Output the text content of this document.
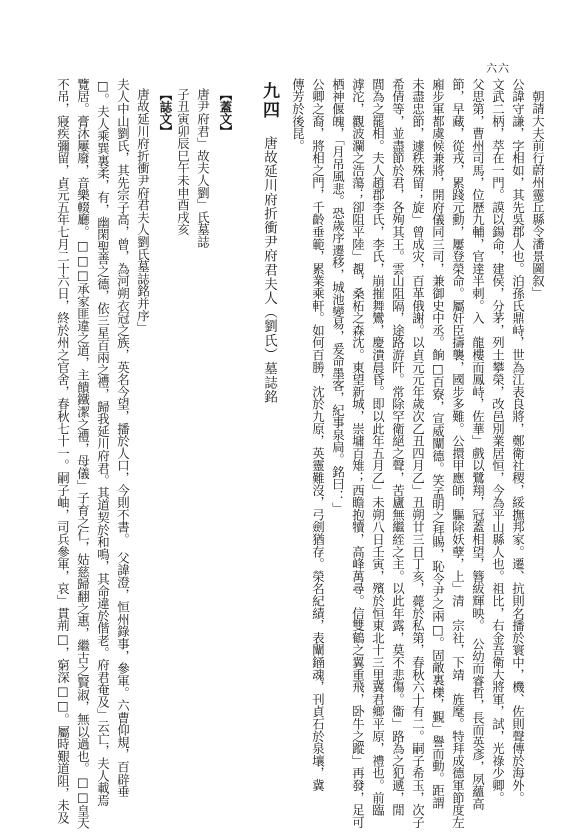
六六
朝請大夫前行蔚州靈丘縣令潘景圖叙」
公諱守謙，字相如，其先吳郡人也。泊孫氏鼎峙，世為江表良將，鄭衛社稷，綏撫邦家。遷、抗則名播於寰中，機、佐則聲傳於海外。
文武二柄，萃在一門。謨以鍚命，建侯，分茅，列土攀榮，改邑別業居恒，今為平山縣人也。祖比，右金吾衛大將軍，試，光祿少卿。
父思第，曹州司馬，位歷九輔，官達半刺。入　龍樓而鳳峙，佐華」戲以鷺翔，冠蓋相望，簪紱輝映。　公幼而睿哲，長而英彥，夙蘊高
節，早藏，從戎，累踐元勳，屢登榮命。屬奸臣擣襲，國步多難。公擐甲應師，驅除妖孽，上」清　宗社，下靖　旌麾。特拜成德軍節度左
廂步軍都虞候兼將，開府儀同三司，兼御史中丞。餉□百寮，宣威闡德。笑孟明之拜賜，恥令尹之兩□。固敵裏櫟，覲」譽而動。距謂
未盡忠節，遽秩殊留；旋」曾成灾，百革俄謝。以貞元元年歲次乙丑四月乙」丑朔廿三日丁亥，薨於私第，春秋六十有二。嗣子希玉，次子
希倩等，並盡節於君，各殉其王。雲山阻隔，途路游阡。常除罕衛絕之聲，苦廬無繼絰之主。以此年露，莫不悲傷。衞」路為之犯遞，閒
閭為之罷相。夫人趙郡李氏，李氏，崩摧舞鸞，慶潰晨昏。即以此年五月乙」未朔八日壬寅，殯於恒東北十三里冀君鄉平原，禮也。前臨
滹沱，觀波瀾之浩蕩；卻阻平陸」覩，桑柘之森沈。東望新城，崇墉百雉；西瞻抱犢，高峰萬尋。信雙鶴之翼重飛，卧牛之蹤」再發，足可
栖神偃魄，「月吊風悲。恐歲序遷移，城池變易，爰命墨客，紀事泉扃。銘曰：」
公卿之裔，將相之門，千齡垂範，累業乘軒。如何百勝，沈於九原，英靈難沒，弓劍猶存。榮名紀績，表闡䥁魂，刊貞石於泉壤，冀
傳芳於後昆。
九四唐故延川府折衝尹府君夫人（劉氏）墓誌銘
【蓋文】
唐尹府君」故夫人劉」氏墓誌
子丑寅卯辰巳午未申酉戌亥
【誌文】
唐故延川府折衝尹府君夫人劉氏墓誌銘并序」
夫人中山劉氏，其先宗子高，曾，為河朔衣冠之族，英名今望，播於人口，今則不書。　父諱澄，恒州錄事，參軍。六曹仰規，百辟垂
□。夫人乘巽裏柔，有，幽閑聖善之德，依三星百兩之禮，歸我延川府君。其道契於和鳴，其命違於偕老。府君奄及」云亡，夫人載焉
覽居。膏沐屢廢，音樂輟廳。□□□承家匪違之道，主饋鐵潔之禮，母儀」子育之仁，姑慈歸翻之惠，繼古之賢淑，無以過也。□□皇天
不吊，寢疾彌留，貞元五年七月二十六日，終於州之官舍，春秋七十一。嗣子岫，司兵參軍，哀」貫荊□，窮深□□。屬時艱道阻，未及
